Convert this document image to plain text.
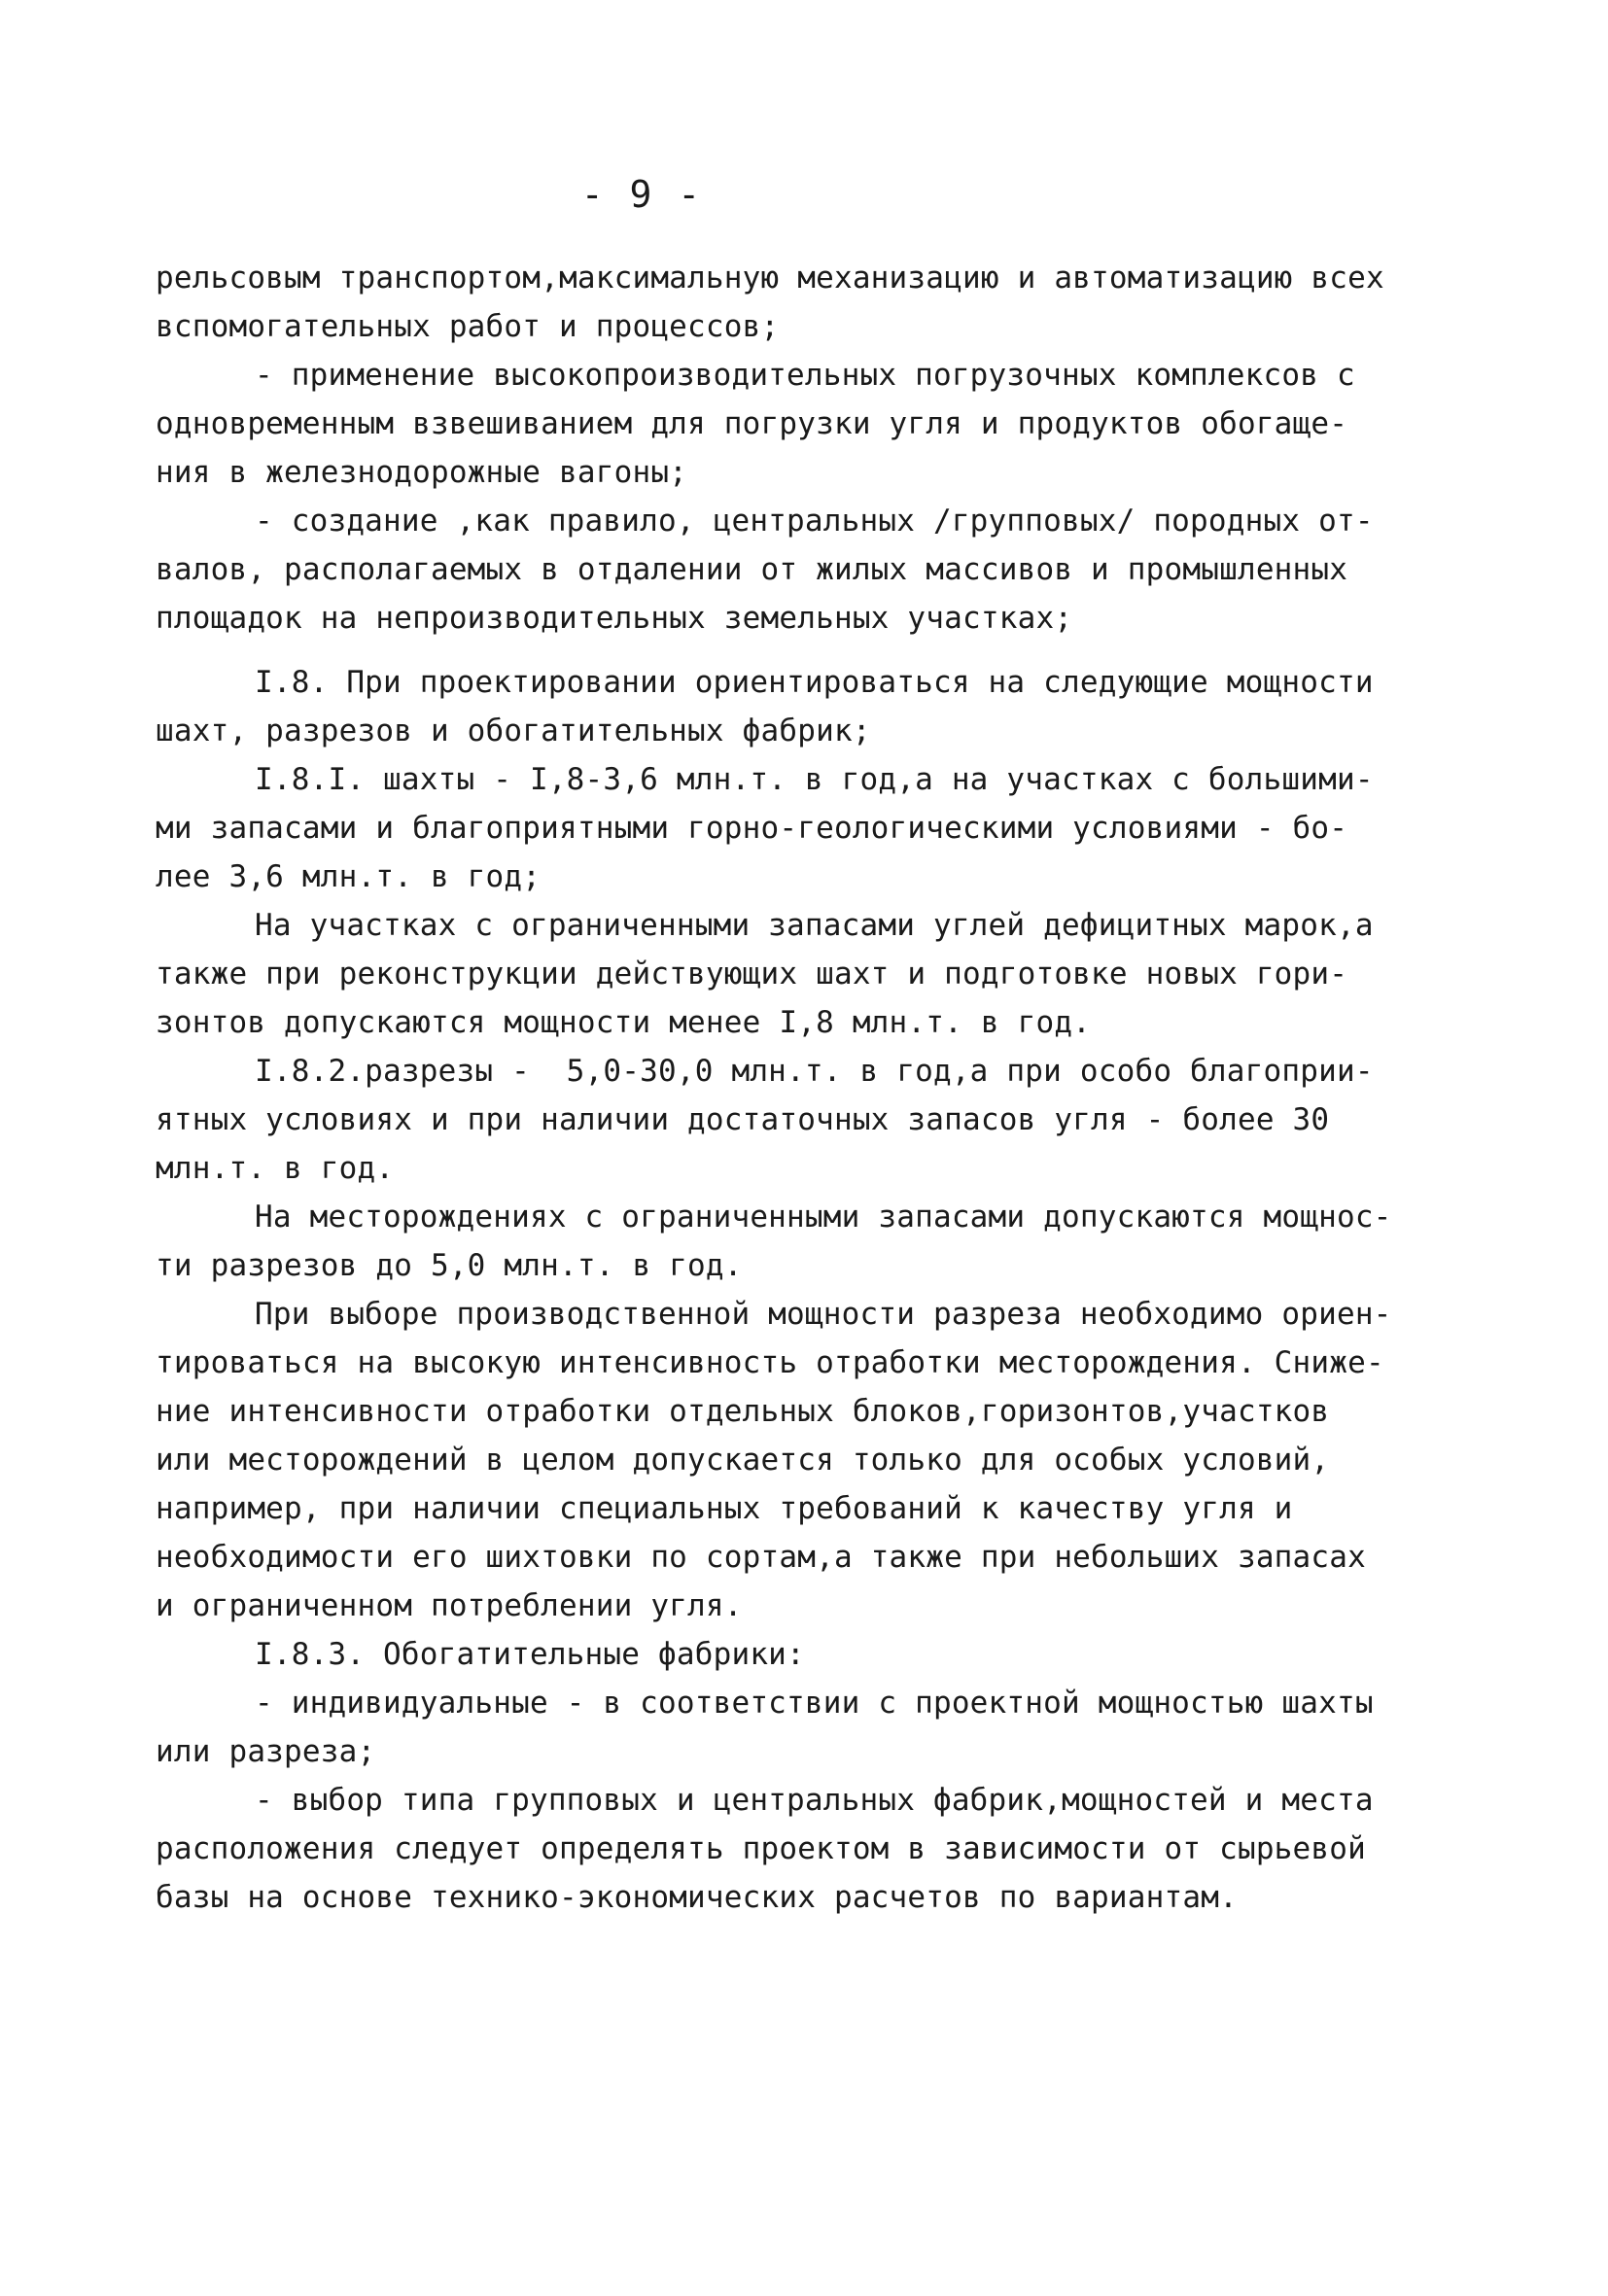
- 9 -
рельсовым транспортом,максимальную механизацию и автоматизацию всех
вспомогательных работ и процессов;
- применение высокопроизводительных погрузочных комплексов с
одновременным взвешиванием для погрузки угля и продуктов обогаще-
ния в железнодорожные вагоны;
- создание ,как правило, центральных /групповых/ породных от-
валов, располагаемых в отдалении от жилых массивов и промышленных
площадок на непроизводительных земельных участках;
I.8. При проектировании ориентироваться на следующие мощности
шахт, разрезов и обогатительных фабрик;
I.8.I. шахты - I,8-3,6 млн.т. в год,а на участках с большими-
ми запасами и благоприятными горно-геологическими условиями - бо-
лее 3,6 млн.т. в год;
На участках с ограниченными запасами углей дефицитных марок,а
также при реконструкции действующих шахт и подготовке новых гори-
зонтов допускаются мощности менее I,8 млн.т. в год.
I.8.2.разрезы -  5,0-30,0 млн.т. в год,а при особо благоприи-
ятных условиях и при наличии достаточных запасов угля - более 30
млн.т. в год.
На месторождениях с ограниченными запасами допускаются мощнос-
ти разрезов до 5,0 млн.т. в год.
При выборе производственной мощности разреза необходимо ориен-
тироваться на высокую интенсивность отработки месторождения. Сниже-
ние интенсивности отработки отдельных блоков,горизонтов,участков
или месторождений в целом допускается только для особых условий,
например, при наличии специальных требований к качеству угля и
необходимости его шихтовки по сортам,а также при небольших запасах
и ограниченном потреблении угля.
I.8.3. Обогатительные фабрики:
- индивидуальные - в соответствии с проектной мощностью шахты
или разреза;
- выбор типа групповых и центральных фабрик,мощностей и места
расположения следует определять проектом в зависимости от сырьевой
базы на основе технико-экономических расчетов по вариантам.
